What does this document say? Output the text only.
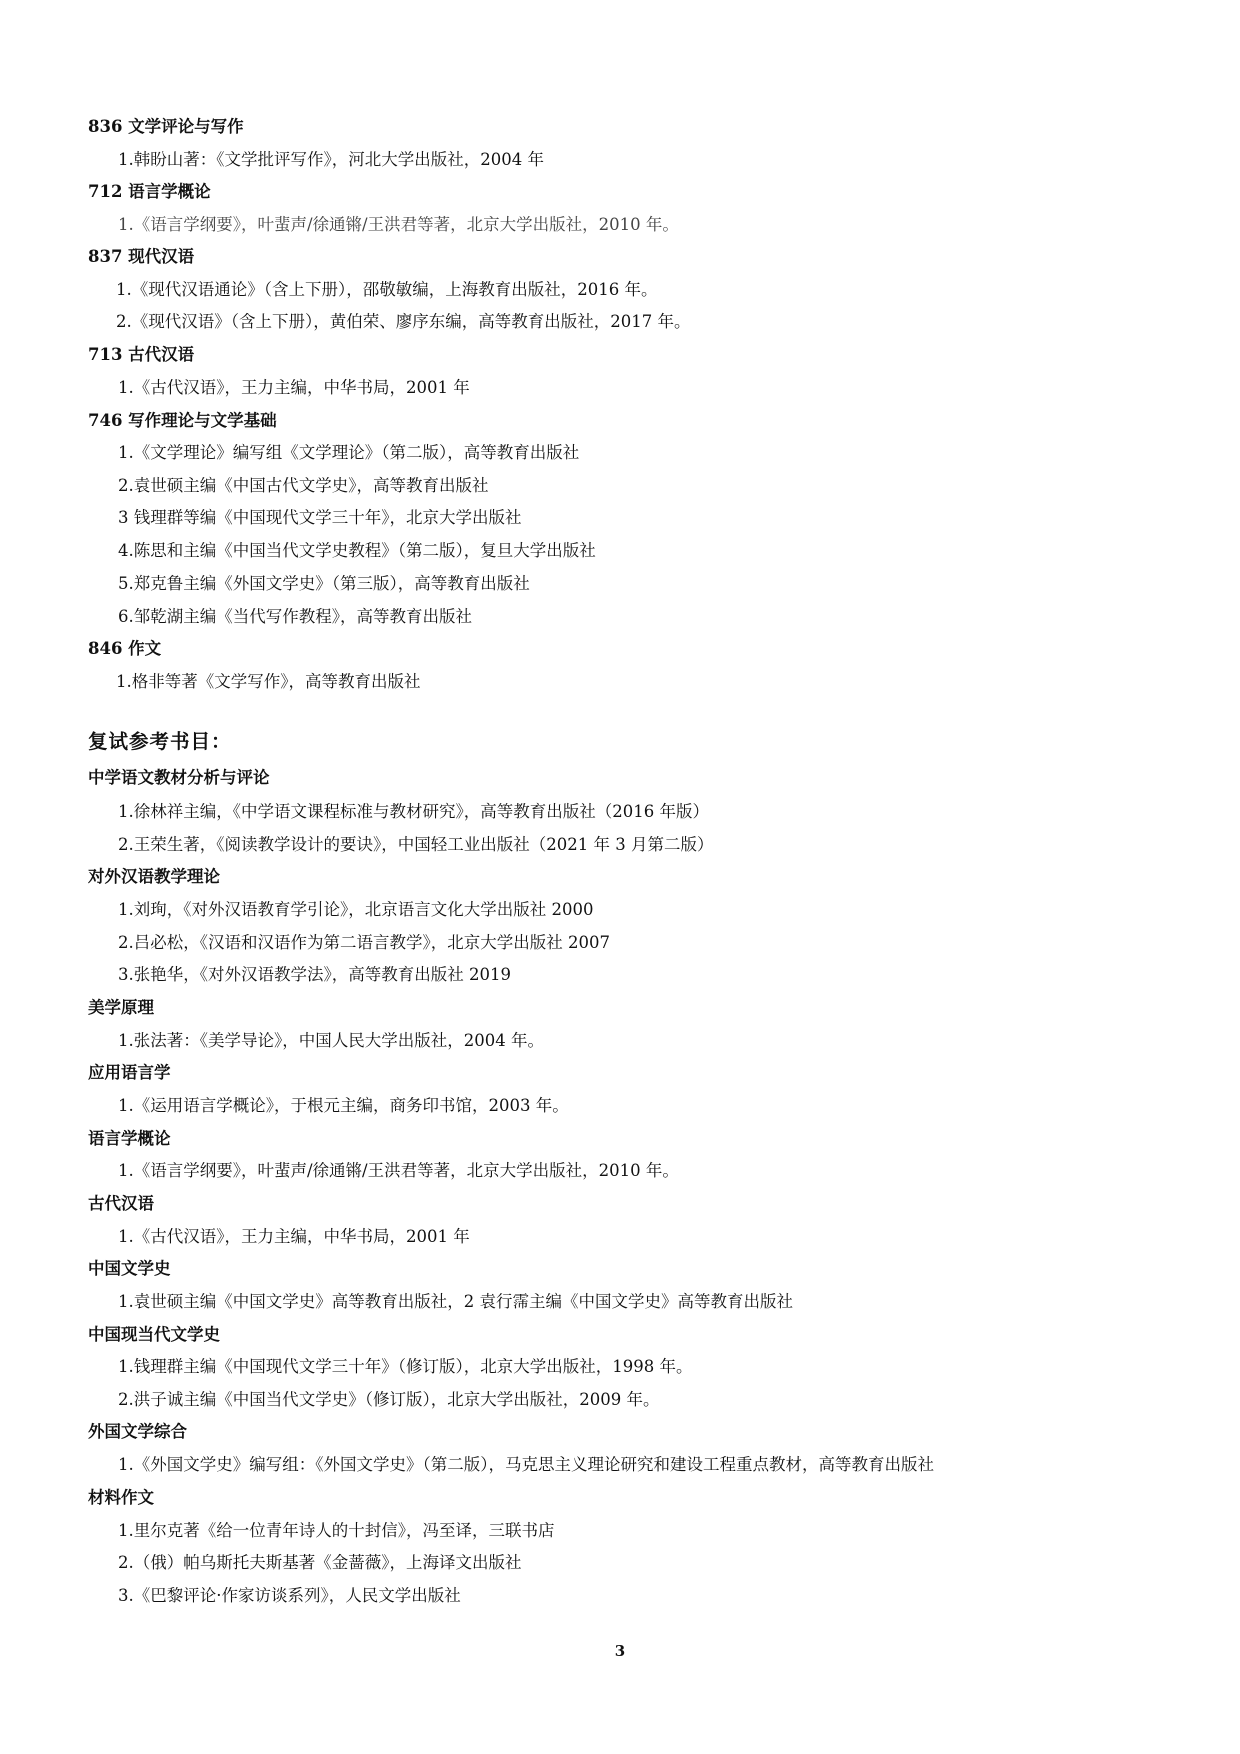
836 文学评论与写作
1.韩盼山著：《文学批评写作》，河北大学出版社，2004 年
712 语言学概论
1.《语言学纲要》，叶蜚声/徐通锵/王洪君等著，北京大学出版社，2010 年。
837 现代汉语
1.《现代汉语通论》（含上下册），邵敬敏编，上海教育出版社，2016 年。
2.《现代汉语》（含上下册），黄伯荣、廖序东编，高等教育出版社，2017 年。
713 古代汉语
1.《古代汉语》，王力主编，中华书局，2001 年
746 写作理论与文学基础
1.《文学理论》编写组《文学理论》（第二版），高等教育出版社
2.袁世硕主编《中国古代文学史》，高等教育出版社
3 钱理群等编《中国现代文学三十年》，北京大学出版社
4.陈思和主编《中国当代文学史教程》（第二版），复旦大学出版社
5.郑克鲁主编《外国文学史》（第三版），高等教育出版社
6.邹乾湖主编《当代写作教程》，高等教育出版社
846 作文
1.格非等著《文学写作》，高等教育出版社
复试参考书目：
中学语文教材分析与评论
1.徐林祥主编，《中学语文课程标准与教材研究》，高等教育出版社（2016 年版）
2.王荣生著，《阅读教学设计的要诀》，中国轻工业出版社（2021 年 3 月第二版）
对外汉语教学理论
1.刘珣，《对外汉语教育学引论》，北京语言文化大学出版社 2000
2.吕必松，《汉语和汉语作为第二语言教学》，北京大学出版社 2007
3.张艳华，《对外汉语教学法》，高等教育出版社 2019
美学原理
1.张法著：《美学导论》，中国人民大学出版社，2004 年。
应用语言学
1.《运用语言学概论》，于根元主编，商务印书馆，2003 年。
语言学概论
1.《语言学纲要》，叶蜚声/徐通锵/王洪君等著，北京大学出版社，2010 年。
古代汉语
1.《古代汉语》，王力主编，中华书局，2001 年
中国文学史
1.袁世硕主编《中国文学史》高等教育出版社，2 袁行霈主编《中国文学史》高等教育出版社
中国现当代文学史
1.钱理群主编《中国现代文学三十年》（修订版），北京大学出版社，1998 年。
2.洪子诚主编《中国当代文学史》（修订版），北京大学出版社，2009 年。
外国文学综合
1.《外国文学史》编写组：《外国文学史》（第二版），马克思主义理论研究和建设工程重点教材，高等教育出版社
材料作文
1.里尔克著《给一位青年诗人的十封信》，冯至译，三联书店
2.（俄）帕乌斯托夫斯基著《金蔷薇》，上海译文出版社
3.《巴黎评论·作家访谈系列》，人民文学出版社
3
